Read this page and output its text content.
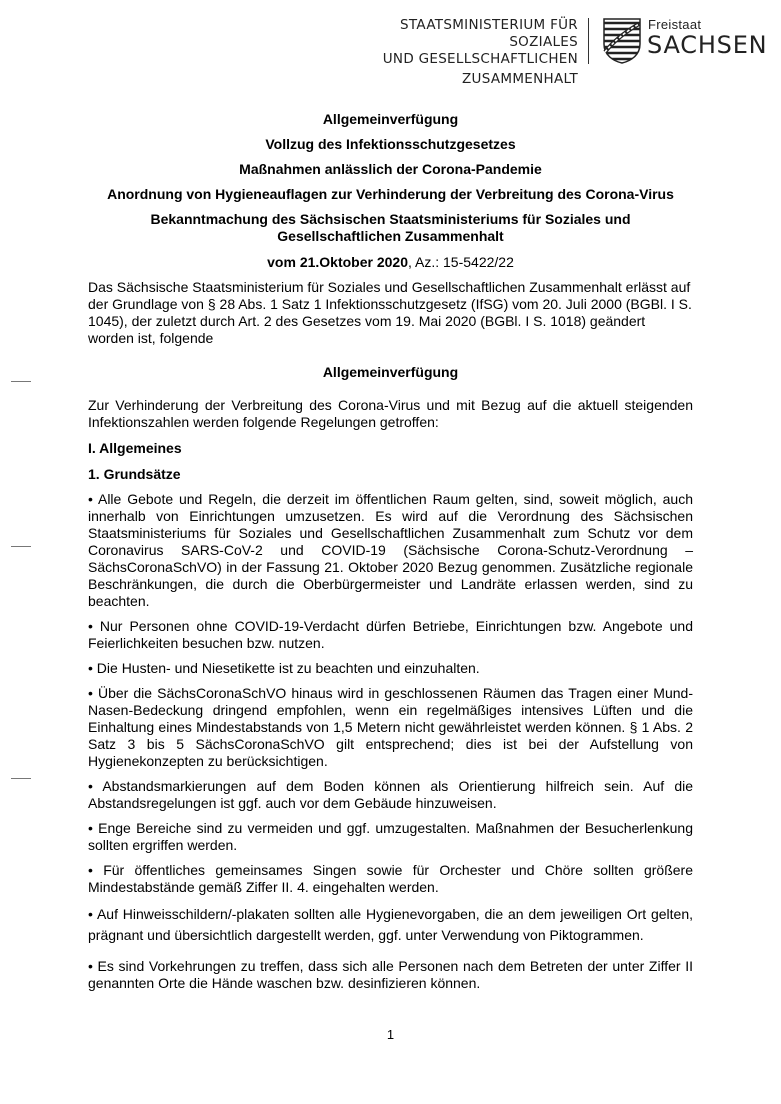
STAATSMINISTERIUM FÜR SOZIALES
UND GESELLSCHAFTLICHEN

ZUSAMMENHALT
Freistaat
SACHSEN
Allgemeinverfügung
Vollzug des Infektionsschutzgesetzes
Maßnahmen anlässlich der Corona-Pandemie
Anordnung von Hygieneauflagen zur Verhinderung der Verbreitung des Corona-Virus
Bekanntmachung des Sächsischen Staatsministeriums für Soziales und Gesellschaftlichen Zusammenhalt
vom 21.Oktober 2020, Az.: 15-5422/22

Das Sächsische Staatsministerium für Soziales und Gesellschaftlichen Zusammenhalt erlässt auf der Grundlage von § 28 Abs. 1 Satz 1 Infektionsschutzgesetz (IfSG) vom 20. Juli 2000 (BGBl. I S. 1045), der zuletzt durch Art. 2 des Gesetzes vom 19. Mai 2020 (BGBl. I S. 1018) geändert worden ist, folgende

Allgemeinverfügung

Zur Verhinderung der Verbreitung des Corona-Virus und mit Bezug auf die aktuell steigenden Infektionszahlen werden folgende Regelungen getroffen:

I. Allgemeines
1. Grundsätze

• Alle Gebote und Regeln, die derzeit im öffentlichen Raum gelten, sind, soweit möglich, auch innerhalb von Einrichtungen umzusetzen. Es wird auf die Verordnung des Sächsischen Staatsministeriums für Soziales und Gesellschaftlichen Zusammenhalt zum Schutz vor dem Coronavirus SARS-CoV-2 und COVID-19 (Sächsische Corona-Schutz-Verordnung – SächsCoronaSchVO) in der Fassung 21. Oktober 2020 Bezug genommen. Zusätzliche regionale Beschränkungen, die durch die Oberbürgermeister und Landräte erlassen werden, sind zu beachten.

• Nur Personen ohne COVID-19-Verdacht dürfen Betriebe, Einrichtungen bzw. Angebote und Feierlichkeiten besuchen bzw. nutzen.

• Die Husten- und Niesetikette ist zu beachten und einzuhalten.

• Über die SächsCoronaSchVO hinaus wird in geschlossenen Räumen das Tragen einer Mund-Nasen-Bedeckung dringend empfohlen, wenn ein regelmäßiges intensives Lüften und die Einhaltung eines Mindestabstands von 1,5 Metern nicht gewährleistet werden können. § 1 Abs. 2 Satz 3 bis 5 SächsCoronaSchVO gilt entsprechend; dies ist bei der Aufstellung von Hygienekonzepten zu berücksichtigen.

• Abstandsmarkierungen auf dem Boden können als Orientierung hilfreich sein. Auf die Abstandsregelungen ist ggf. auch vor dem Gebäude hinzuweisen.

• Enge Bereiche sind zu vermeiden und ggf. umzugestalten. Maßnahmen der Besucherlenkung sollten ergriffen werden.

• Für öffentliches gemeinsames Singen sowie für Orchester und Chöre sollten größere Mindestabstände gemäß Ziffer II. 4. eingehalten werden.

• Auf Hinweisschildern/-plakaten sollten alle Hygienevorgaben, die an dem jeweiligen Ort gelten, prägnant und übersichtlich dargestellt werden, ggf. unter Verwendung von Piktogrammen.

• Es sind Vorkehrungen zu treffen, dass sich alle Personen nach dem Betreten der unter Ziffer II genannten Orte die Hände waschen bzw. desinfizieren können.

1
